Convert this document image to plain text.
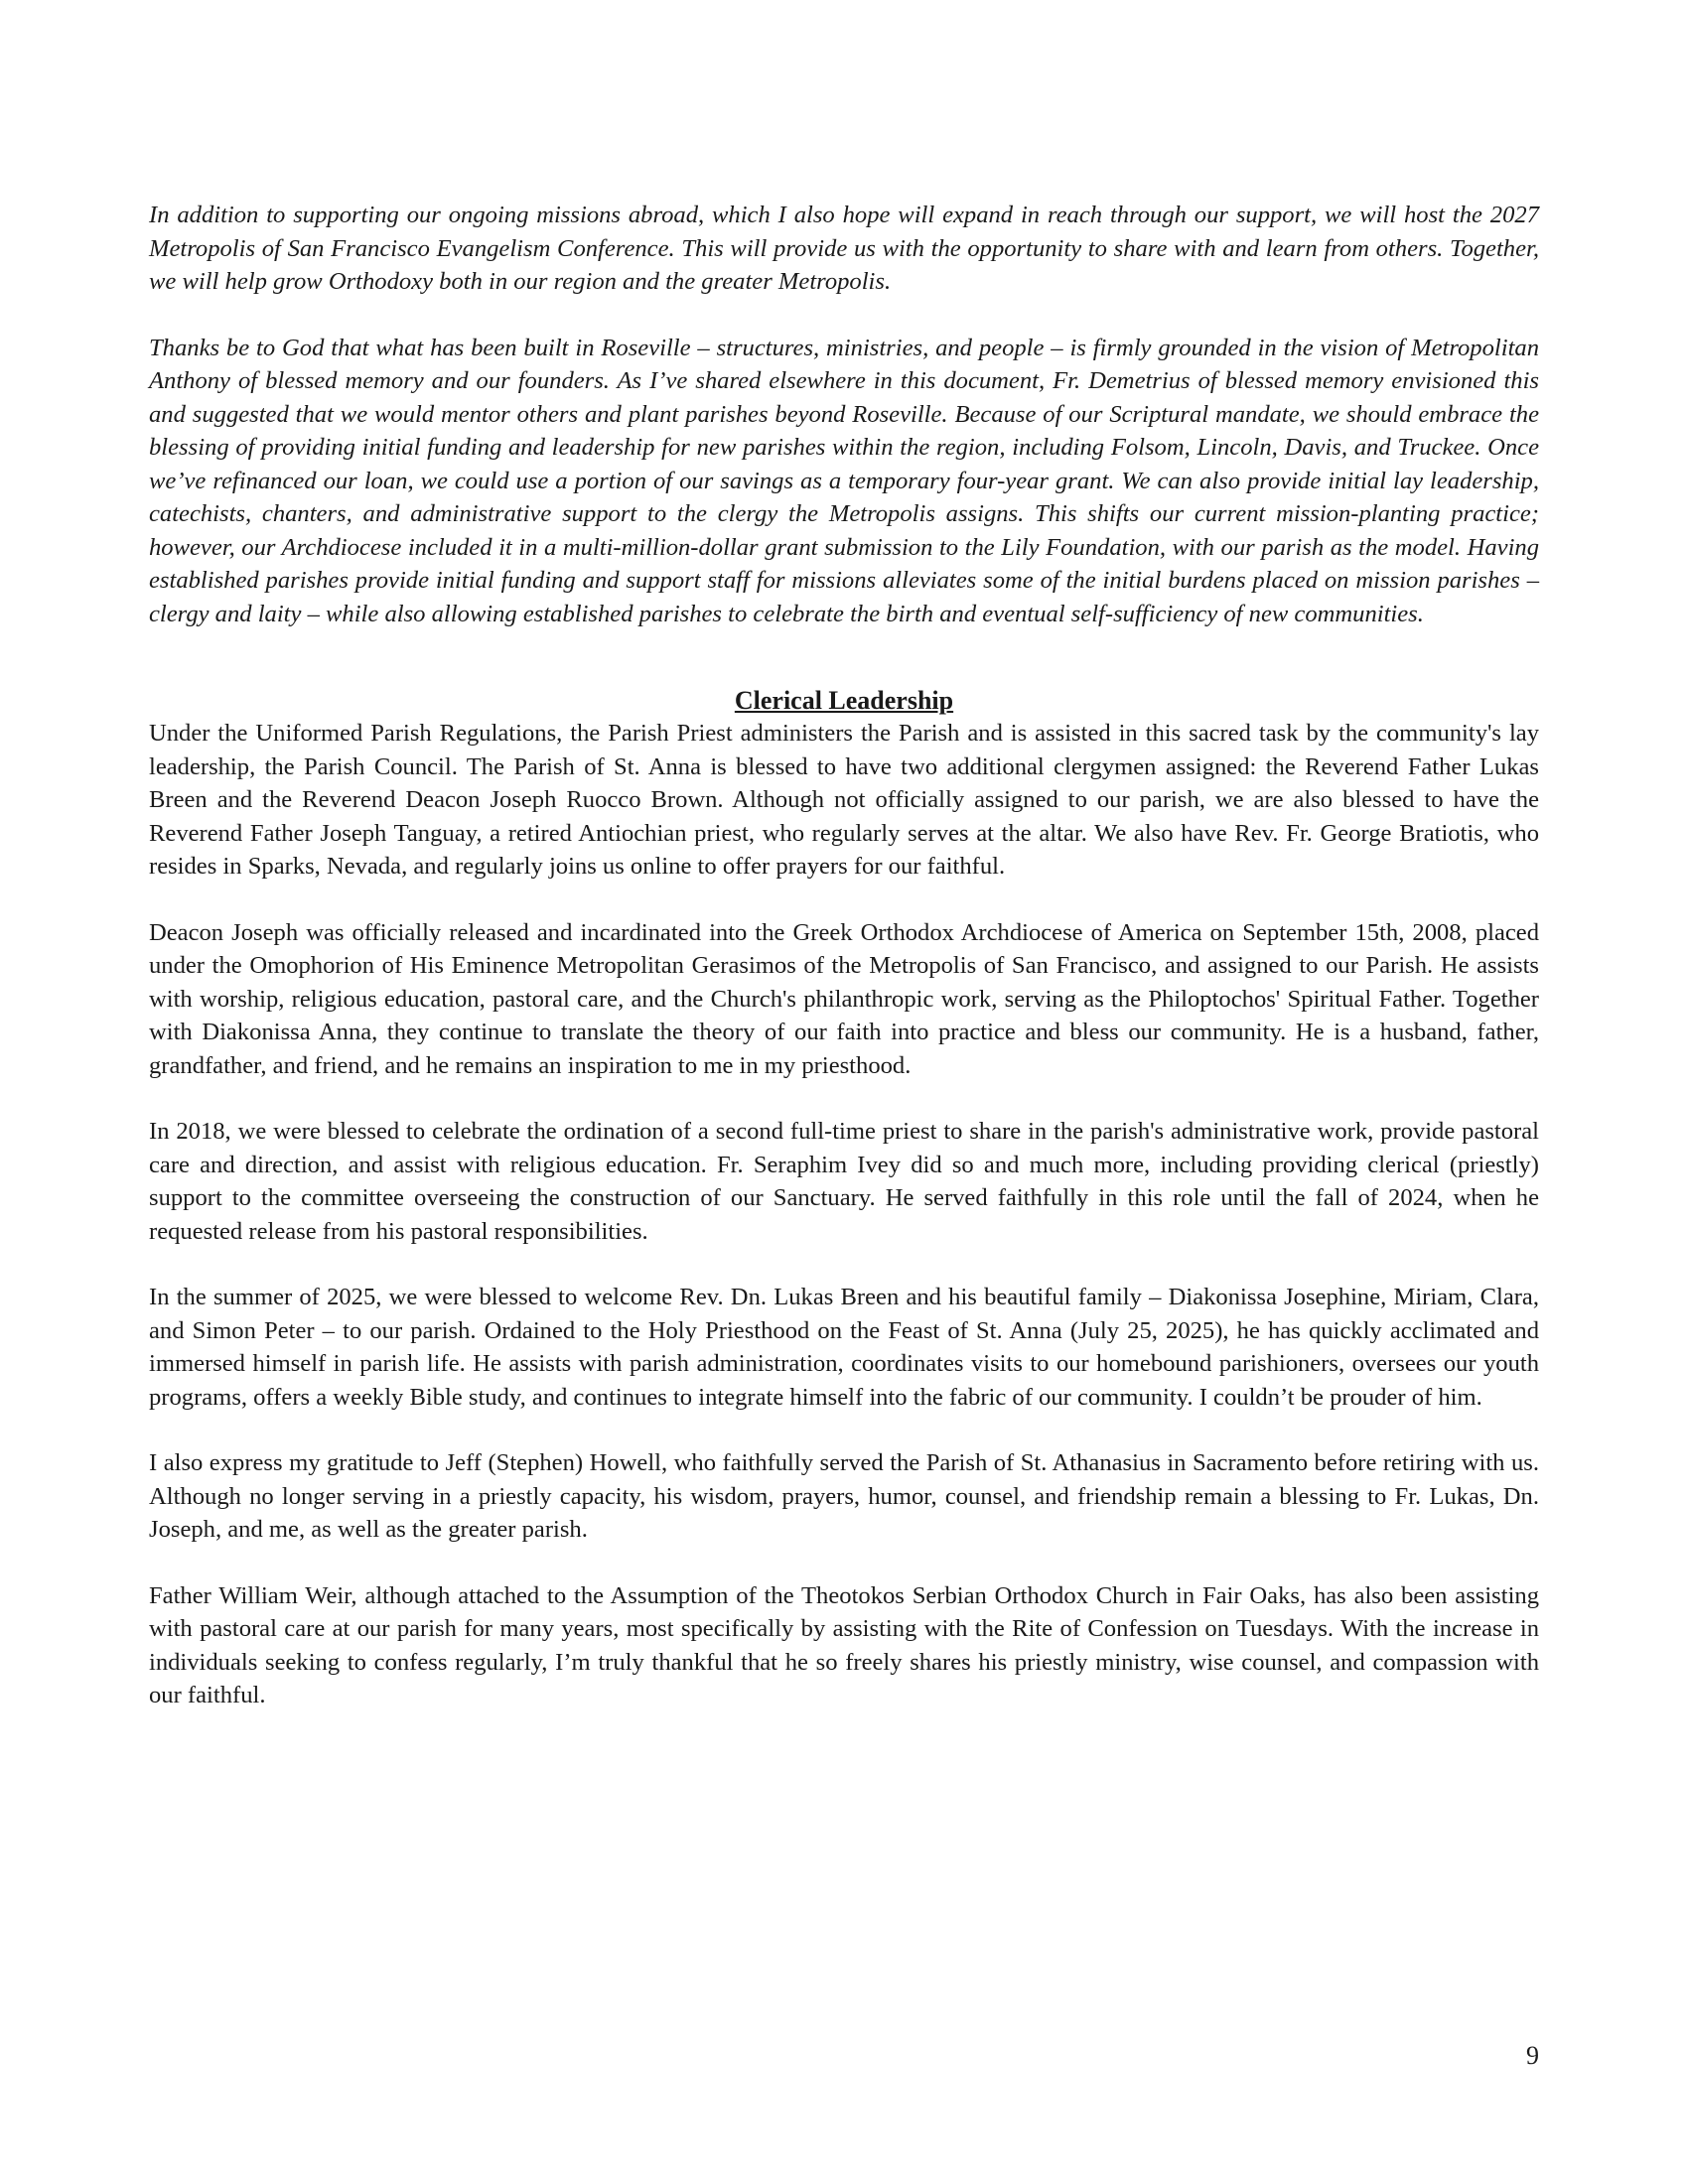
In addition to supporting our ongoing missions abroad, which I also hope will expand in reach through our support, we will host the 2027 Metropolis of San Francisco Evangelism Conference. This will provide us with the opportunity to share with and learn from others. Together, we will help grow Orthodoxy both in our region and the greater Metropolis.

Thanks be to God that what has been built in Roseville – structures, ministries, and people – is firmly grounded in the vision of Metropolitan Anthony of blessed memory and our founders. As I’ve shared elsewhere in this document, Fr. Demetrius of blessed memory envisioned this and suggested that we would mentor others and plant parishes beyond Roseville. Because of our Scriptural mandate, we should embrace the blessing of providing initial funding and leadership for new parishes within the region, including Folsom, Lincoln, Davis, and Truckee. Once we’ve refinanced our loan, we could use a portion of our savings as a temporary four-year grant. We can also provide initial lay leadership, catechists, chanters, and administrative support to the clergy the Metropolis assigns. This shifts our current mission-planting practice; however, our Archdiocese included it in a multi-million-dollar grant submission to the Lily Foundation, with our parish as the model. Having established parishes provide initial funding and support staff for missions alleviates some of the initial burdens placed on mission parishes – clergy and laity – while also allowing established parishes to celebrate the birth and eventual self-sufficiency of new communities.

Clerical Leadership

Under the Uniformed Parish Regulations, the Parish Priest administers the Parish and is assisted in this sacred task by the community's lay leadership, the Parish Council. The Parish of St. Anna is blessed to have two additional clergymen assigned: the Reverend Father Lukas Breen and the Reverend Deacon Joseph Ruocco Brown. Although not officially assigned to our parish, we are also blessed to have the Reverend Father Joseph Tanguay, a retired Antiochian priest, who regularly serves at the altar. We also have Rev. Fr. George Bratiotis, who resides in Sparks, Nevada, and regularly joins us online to offer prayers for our faithful.

Deacon Joseph was officially released and incardinated into the Greek Orthodox Archdiocese of America on September 15th, 2008, placed under the Omophorion of His Eminence Metropolitan Gerasimos of the Metropolis of San Francisco, and assigned to our Parish. He assists with worship, religious education, pastoral care, and the Church's philanthropic work, serving as the Philoptochos' Spiritual Father. Together with Diakonissa Anna, they continue to translate the theory of our faith into practice and bless our community. He is a husband, father, grandfather, and friend, and he remains an inspiration to me in my priesthood.

In 2018, we were blessed to celebrate the ordination of a second full-time priest to share in the parish's administrative work, provide pastoral care and direction, and assist with religious education. Fr. Seraphim Ivey did so and much more, including providing clerical (priestly) support to the committee overseeing the construction of our Sanctuary. He served faithfully in this role until the fall of 2024, when he requested release from his pastoral responsibilities.

In the summer of 2025, we were blessed to welcome Rev. Dn. Lukas Breen and his beautiful family – Diakonissa Josephine, Miriam, Clara, and Simon Peter – to our parish. Ordained to the Holy Priesthood on the Feast of St. Anna (July 25, 2025), he has quickly acclimated and immersed himself in parish life. He assists with parish administration, coordinates visits to our homebound parishioners, oversees our youth programs, offers a weekly Bible study, and continues to integrate himself into the fabric of our community. I couldn’t be prouder of him.

I also express my gratitude to Jeff (Stephen) Howell, who faithfully served the Parish of St. Athanasius in Sacramento before retiring with us. Although no longer serving in a priestly capacity, his wisdom, prayers, humor, counsel, and friendship remain a blessing to Fr. Lukas, Dn. Joseph, and me, as well as the greater parish.

Father William Weir, although attached to the Assumption of the Theotokos Serbian Orthodox Church in Fair Oaks, has also been assisting with pastoral care at our parish for many years, most specifically by assisting with the Rite of Confession on Tuesdays. With the increase in individuals seeking to confess regularly, I’m truly thankful that he so freely shares his priestly ministry, wise counsel, and compassion with our faithful.

9
